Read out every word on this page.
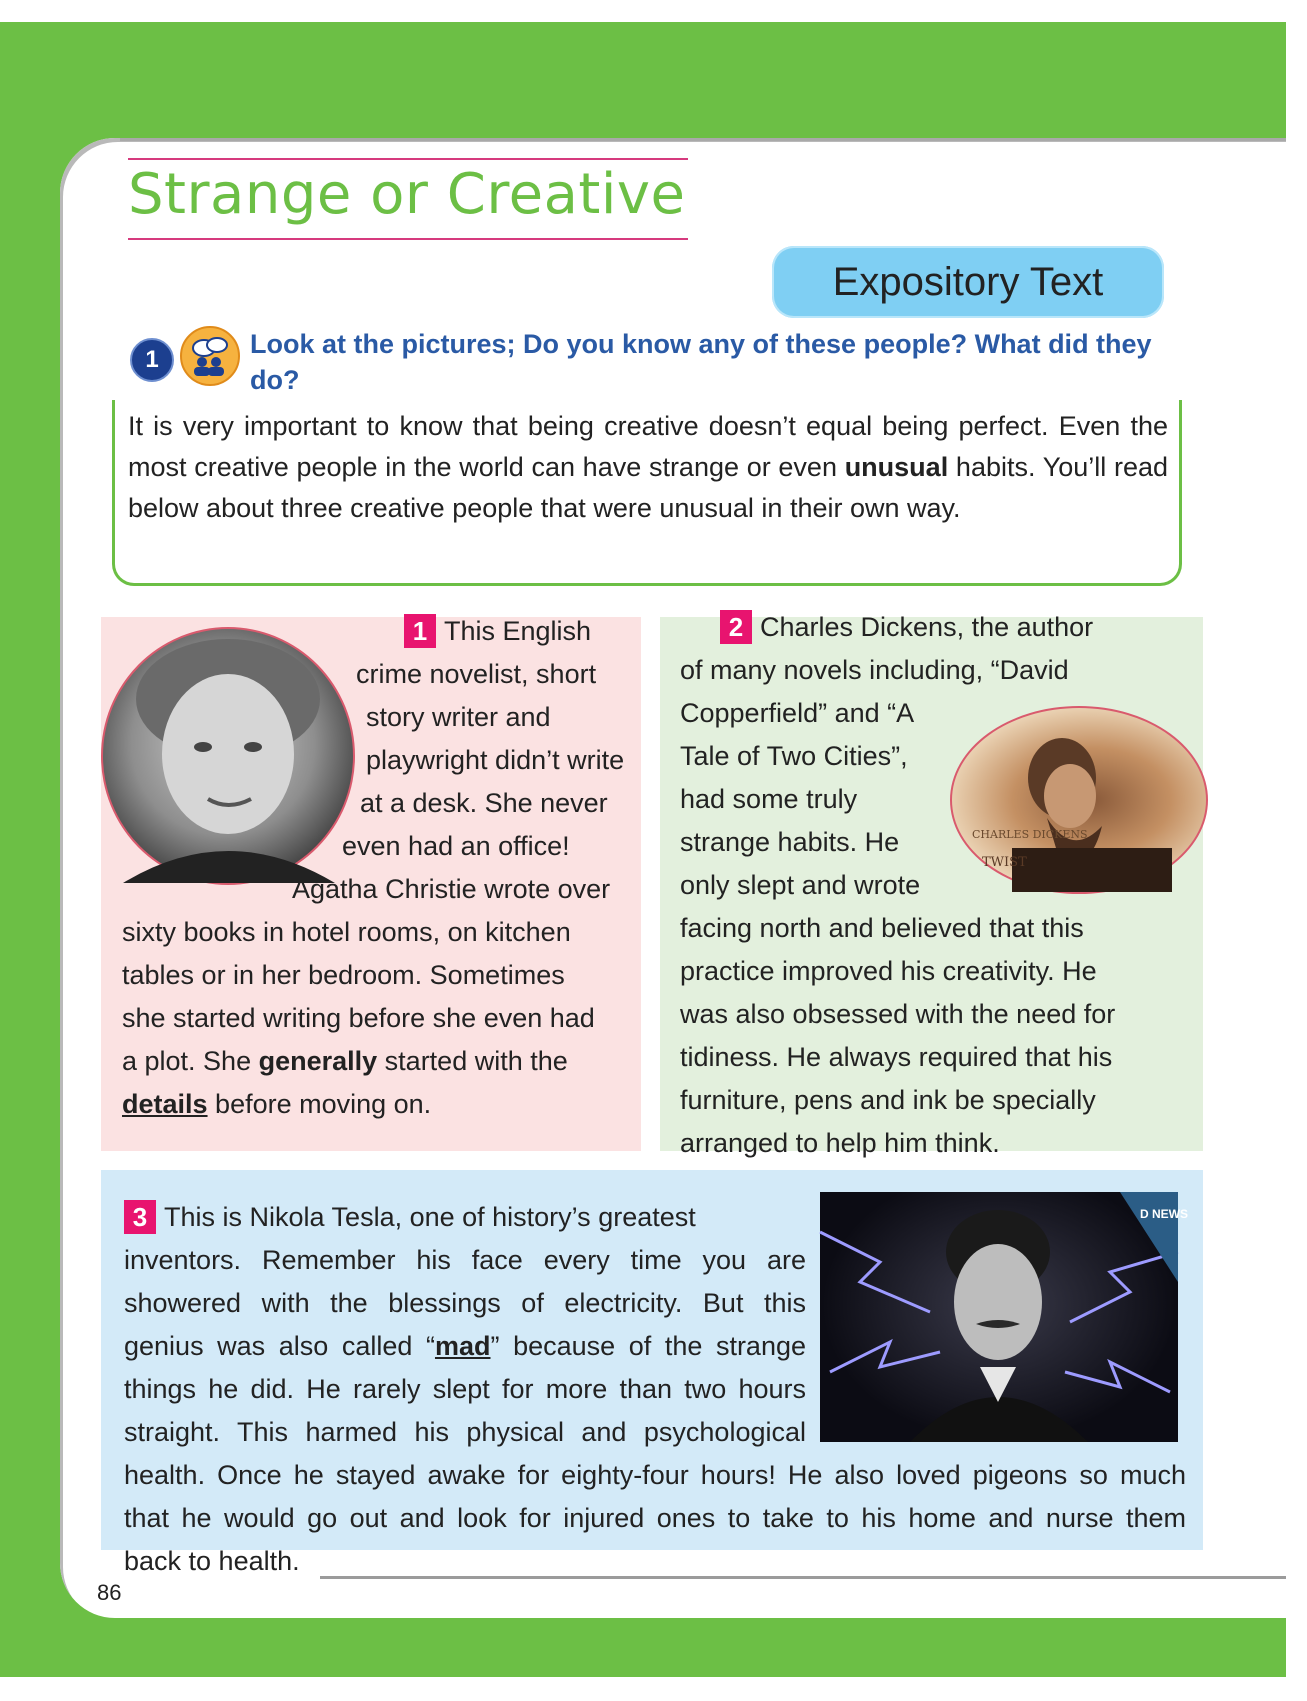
Strange or Creative
Expository Text
1

Look at the pictures; Do you know any of these people? What did they do?

It is very important to know that being creative doesn’t equal being perfect. Even the most creative people in the world can have strange or even unusual habits. You’ll read below about three creative people that were unusual in their own way.

1 This English

crime novelist, short

story writer and

playwright didn’t write

at a desk. She never

even had an office!

Agatha Christie wrote over

sixty books in hotel rooms, on kitchen

tables or in her bedroom. Sometimes

she started writing before she even had

a plot. She generally started with the

details before moving on.

CHARLES DICKENS
TWIST

2 Charles Dickens, the author

of many novels including, “David

Copperfield” and “A

Tale of Two Cities”,

had some truly

strange habits. He

only slept and wrote

facing north and believed that this

practice improved his creativity. He

was also obsessed with the need for

tidiness. He always required that his

furniture, pens and ink be specially

arranged to help him think.

D NEWS

3 This is Nikola Tesla, one of history’s greatest

inventors. Remember his face every time you are

showered with the blessings of electricity. But this

genius was also called “mad” because of the strange

things he did. He rarely slept for more than two hours

straight. This harmed his physical and psychological

health. Once he stayed awake for eighty-four hours! He also loved pigeons so much

that he would go out and look for injured ones to take to his home and nurse them

back to health.

86
